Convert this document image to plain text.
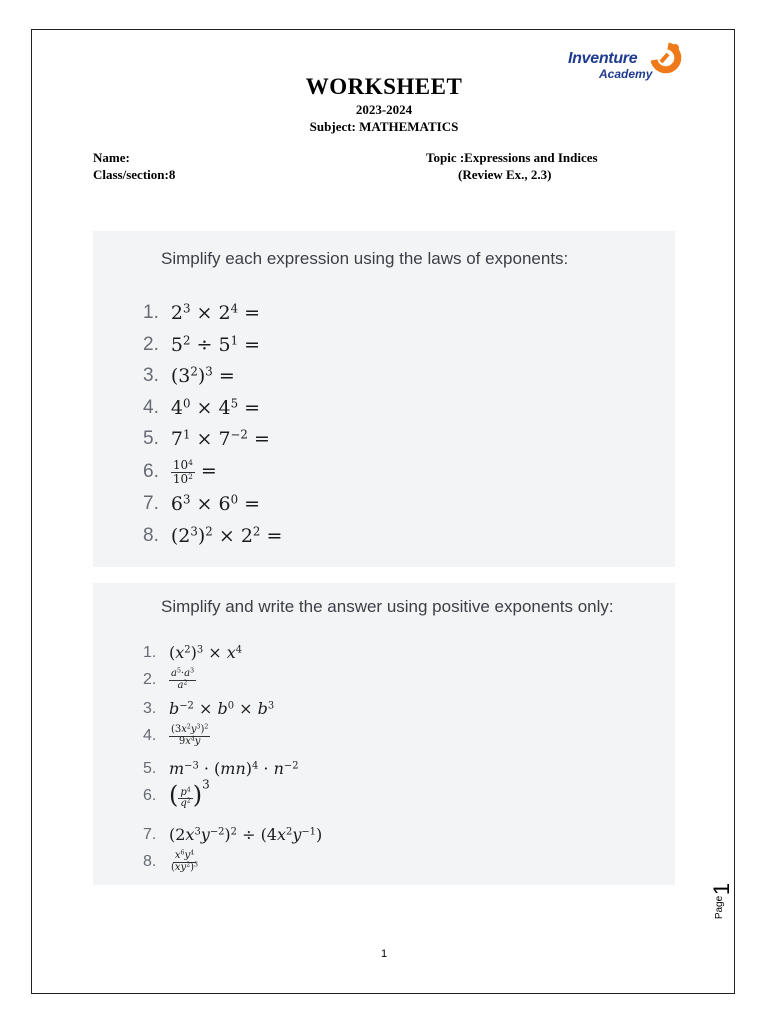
Inventure
Academy
WORKSHEET
2023-2024
Subject: MATHEMATICS
Name:
Class/section:8
Topic :Expressions and Indices
(Review Ex., 2.3)
Simplify each expression using the laws of exponents:
1. $2^3 \times 2^4$ =
2. $5^2 \div 5^1$ =
3. $(3^2)^3$ =
4. $4^0 \times 4^5$ =
5. $7^1 \times 7^{-2}$ =
6. $\frac{10^4}{10^2}$ =
7. $6^3 \times 6^0$ =
8. $(2^3)^2 \times 2^2$ =
Simplify and write the answer using positive exponents only:
1. $(x^2)^3 \times x^4$
2. $\frac{a^5\cdot a^3}{a^2}$
3. $b^{-2} \times b^0 \times b^3$
4. $\frac{(3x^2y^3)^2}{9x^4y}$
5. $m^{-3} \cdot (mn)^4 \cdot n^{-2}$
6. ( $\frac{p^4}{q^2} )^3$
7. $(2x^3y^{-2})^2 \div (4x^2y^{-1})$
8. $\frac{x^6y^4}{(xy^2)^3}$
1
Page
1
